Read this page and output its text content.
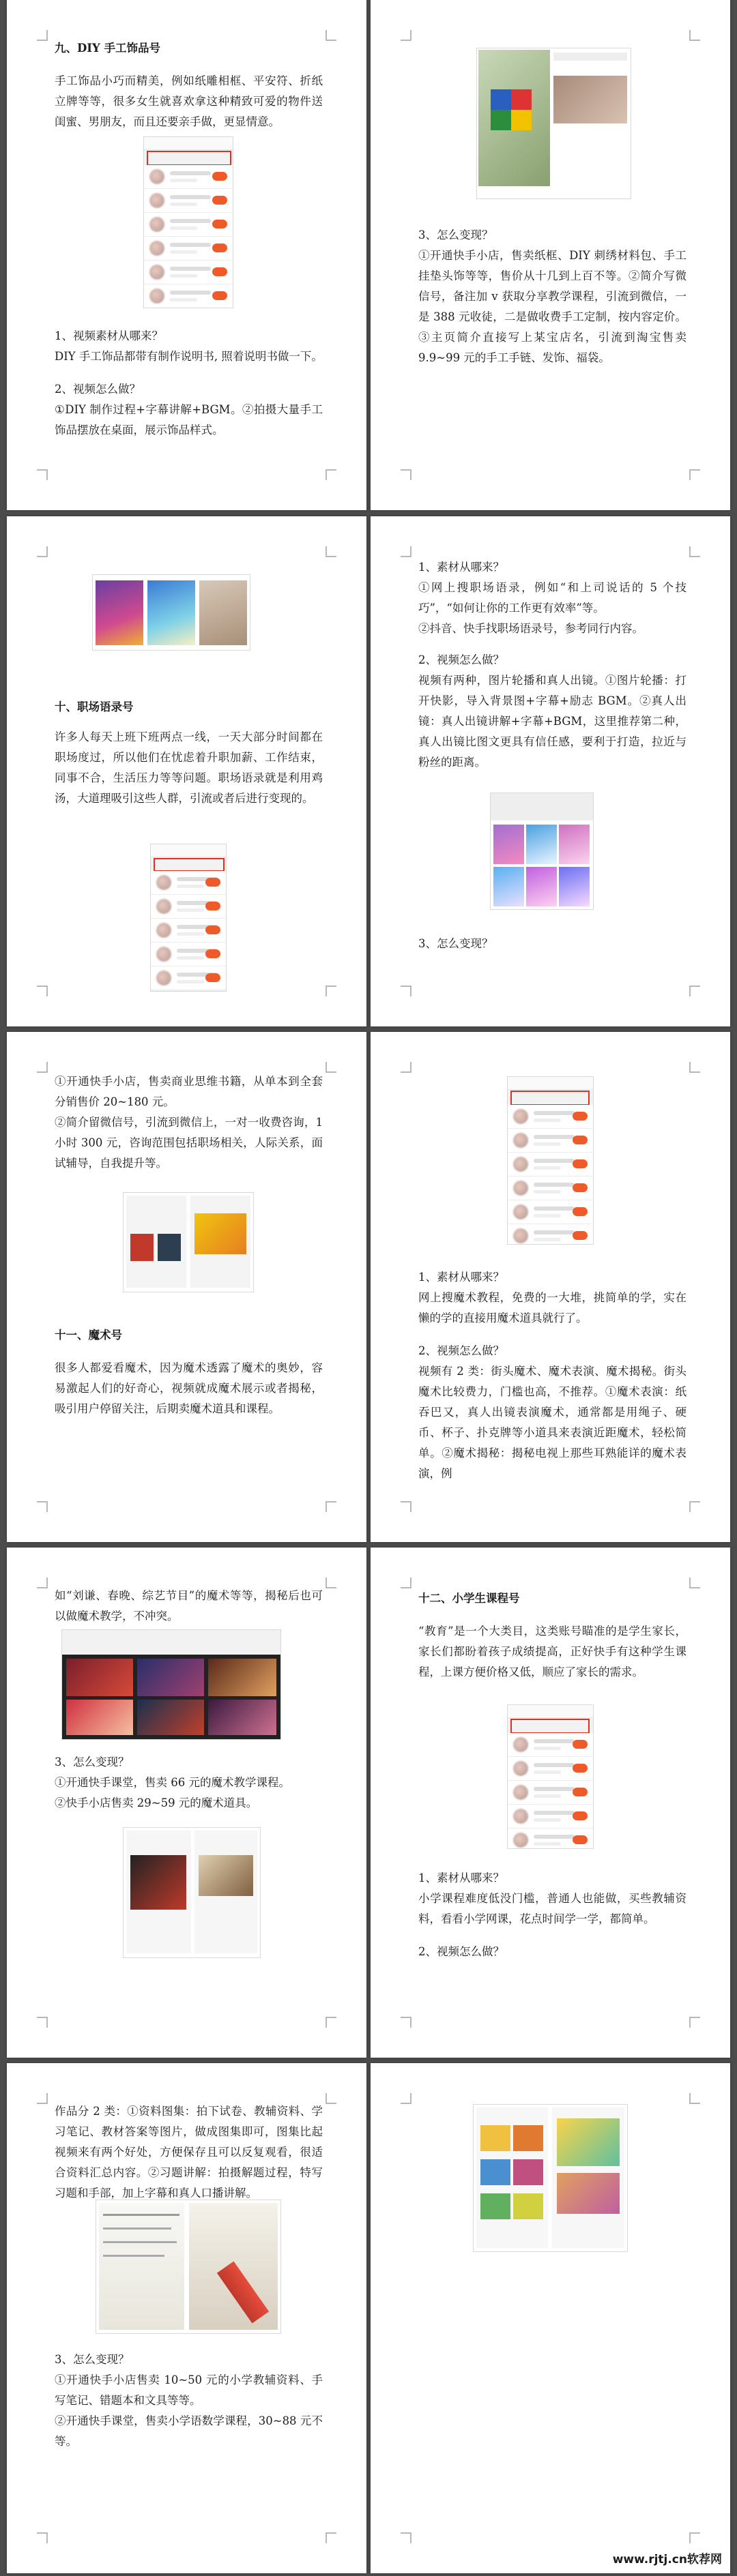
九、DIY 手工饰品号

手工饰品小巧而精美，例如纸雕相框、平安符、折纸立牌等等，很多女生就喜欢拿这种精致可爱的物件送闺蜜、男朋友，而且还要亲手做，更显情意。

1、视频素材从哪来？

DIY 手工饰品都带有制作说明书, 照着说明书做一下。

2、视频怎么做？

①DIY 制作过程+字幕讲解+BGM。②拍摄大量手工饰品摆放在桌面，展示饰品样式。

3、怎么变现？

①开通快手小店，售卖纸框、DIY 刺绣材料包、手工挂垫头饰等等，售价从十几到上百不等。②简介写微信号，备注加 v 获取分享教学课程，引流到微信，一是 388 元收徒，二是做收费手工定制，按内容定价。③主页简介直接写上某宝店名，引流到淘宝售卖 9.9~99 元的手工手链、发饰、福袋。

十、职场语录号

许多人每天上班下班两点一线，一天大部分时间都在职场度过，所以他们在忧虑着升职加薪、工作结束，同事不合，生活压力等等问题。职场语录就是利用鸡汤，大道理吸引这些人群，引流或者后进行变现的。

1、素材从哪来？

①网上搜职场语录，例如“和上司说话的 5 个技巧”，“如何让你的工作更有效率”等。

②抖音、快手找职场语录号，参考同行内容。

2、视频怎么做？

视频有两种，图片轮播和真人出镜。①图片轮播：打开快影，导入背景图+字幕+励志 BGM。②真人出镜：真人出镜讲解+字幕+BGM，这里推荐第二种，真人出镜比图文更具有信任感，要利于打造，拉近与粉丝的距离。

3、怎么变现？

①开通快手小店，售卖商业思维书籍，从单本到全套分销售价 20~180 元。

②简介留微信号，引流到微信上，一对一收费咨询，1 小时 300 元，咨询范围包括职场相关，人际关系，面试辅导，自我提升等。

十一、魔术号

很多人都爱看魔术，因为魔术透露了魔术的奥妙，容易激起人们的好奇心，视频就成魔术展示或者揭秘，吸引用户停留关注，后期卖魔术道具和课程。

1、素材从哪来？

网上搜魔术教程，免费的一大堆，挑简单的学，实在懒的学的直接用魔术道具就行了。

2、视频怎么做？

视频有 2 类：街头魔术、魔术表演、魔术揭秘。街头魔术比较费力，门槛也高，不推荐。①魔术表演：纸吞巴又，真人出镜表演魔术，通常都是用绳子、硬币、杯子、扑克牌等小道具来表演近距魔术，轻松简单。②魔术揭秘：揭秘电视上那些耳熟能详的魔术表演，例

如“刘谦、春晚、综艺节目”的魔术等等，揭秘后也可以做魔术教学，不冲突。

3、怎么变现？

①开通快手课堂，售卖 66 元的魔术教学课程。

②快手小店售卖 29~59 元的魔术道具。

十二、小学生课程号

“教育”是一个大类目，这类账号瞄准的是学生家长，家长们都盼着孩子成绩提高，正好快手有这种学生课程，上课方便价格又低，顺应了家长的需求。

1、素材从哪来？

小学课程难度低没门槛，普通人也能做，买些教辅资料，看看小学网课，花点时间学一学，都简单。

2、视频怎么做？

作品分 2 类：①资料图集：拍下试卷、教辅资料、学习笔记、教材答案等图片，做成图集即可，图集比起视频来有两个好处，方便保存且可以反复观看，很适合资料汇总内容。②习题讲解：拍摄解题过程，特写习题和手部，加上字幕和真人口播讲解。

3、怎么变现？

①开通快手小店售卖 10~50 元的小学教辅资料、手写笔记、错题本和文具等等。

②开通快手课堂，售卖小学语数学课程，30~88 元不等。

www.rjtj.cn软荐网
